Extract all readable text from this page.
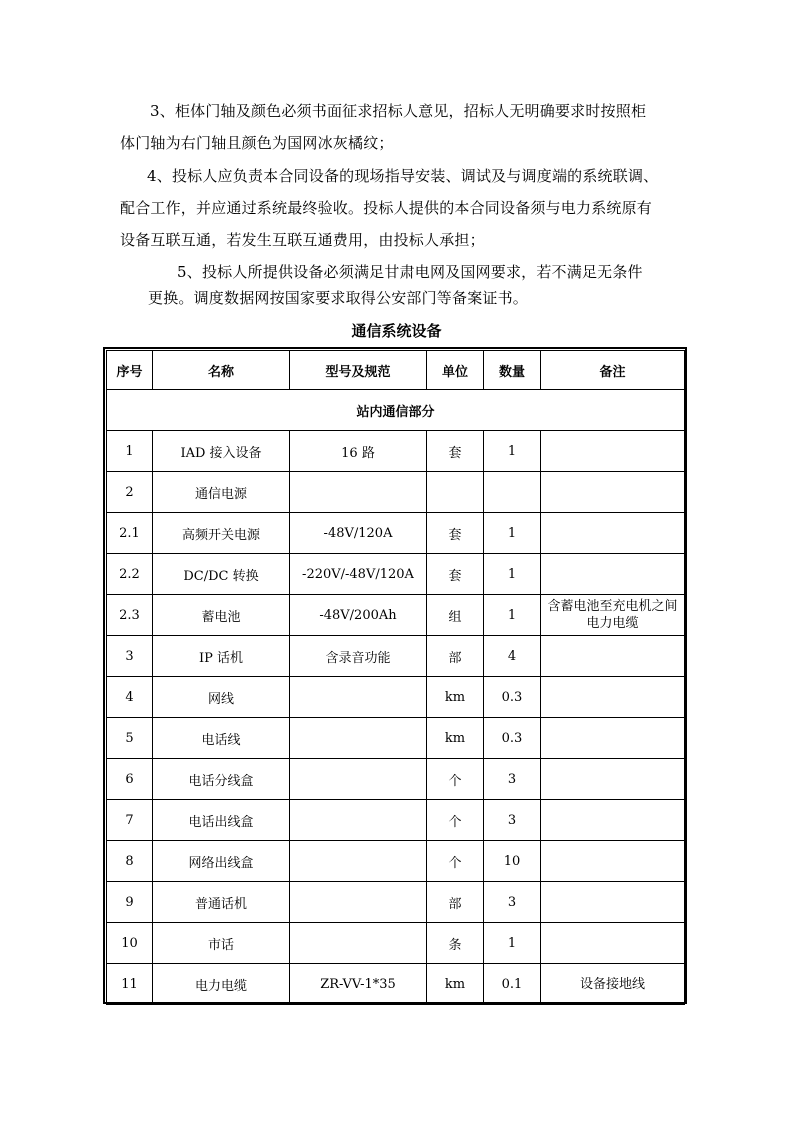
3、柜体门轴及颜色必须书面征求招标人意见，招标人无明确要求时按照柜

体门轴为右门轴且颜色为国网冰灰橘纹；

4、投标人应负责本合同设备的现场指导安装、调试及与调度端的系统联调、

配合工作，并应通过系统最终验收。投标人提供的本合同设备须与电力系统原有

设备互联互通，若发生互联互通费用，由投标人承担；

5、投标人所提供设备必须满足甘肃电网及国网要求，若不满足无条件

更换。调度数据网按国家要求取得公安部门等备案证书。

通信系统设备
序号	名称	型号及规范	单位	数量	备注
站内通信部分					
1	IAD 接入设备	16 路	套	1	
2	通信电源				
2.1	高频开关电源	-48V/120A	套	1	
2.2	DC/DC 转换	-220V/-48V/120A	套	1	
2.3	蓄电池	-48V/200Ah	组	1	含蓄电池至充电机之间电力电缆
3	IP 话机	含录音功能	部	4	
4	网线		km	0.3	
5	电话线		km	0.3	
6	电话分线盒		个	3	
7	电话出线盒		个	3	
8	网络出线盒		个	10	
9	普通话机		部	3	
10	市话		条	1	
11	电力电缆	ZR-VV-1*35	km	0.1	设备接地线
